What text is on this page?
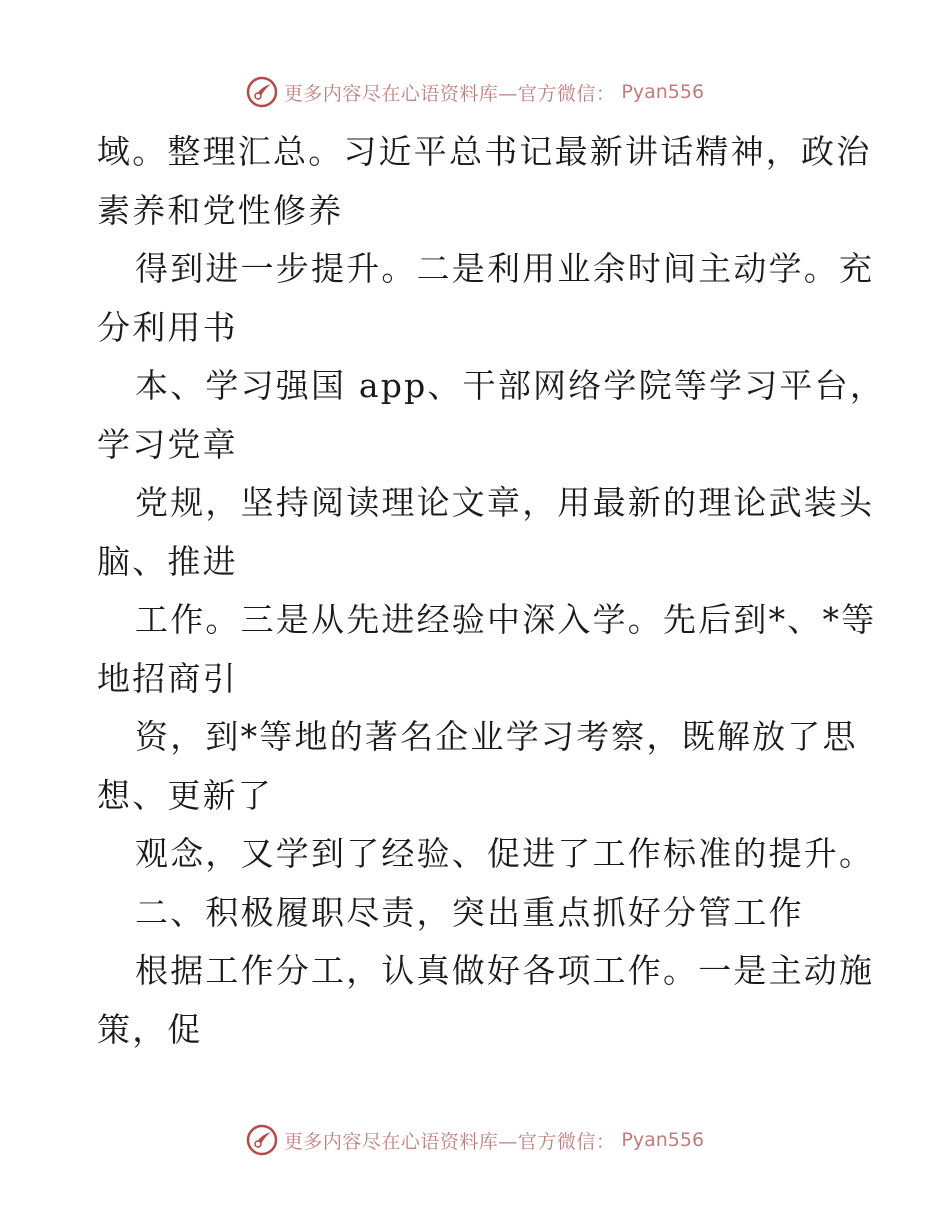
更多内容尽在心语资料库—官方微信： Pyan556
域。整理汇总。习近平总书记最新讲话精神，政治
素养和党性修养
得到进一步提升。二是利用业余时间主动学。充
分利用书
本、学习强国 app、干部网络学院等学习平台，
学习党章
党规，坚持阅读理论文章，用最新的理论武装头
脑、推进
工作。三是从先进经验中深入学。先后到*、*等
地招商引
资，到*等地的著名企业学习考察，既解放了思
想、更新了
观念，又学到了经验、促进了工作标准的提升。
二、积极履职尽责，突出重点抓好分管工作
根据工作分工，认真做好各项工作。一是主动施
策，促
更多内容尽在心语资料库—官方微信： Pyan556
